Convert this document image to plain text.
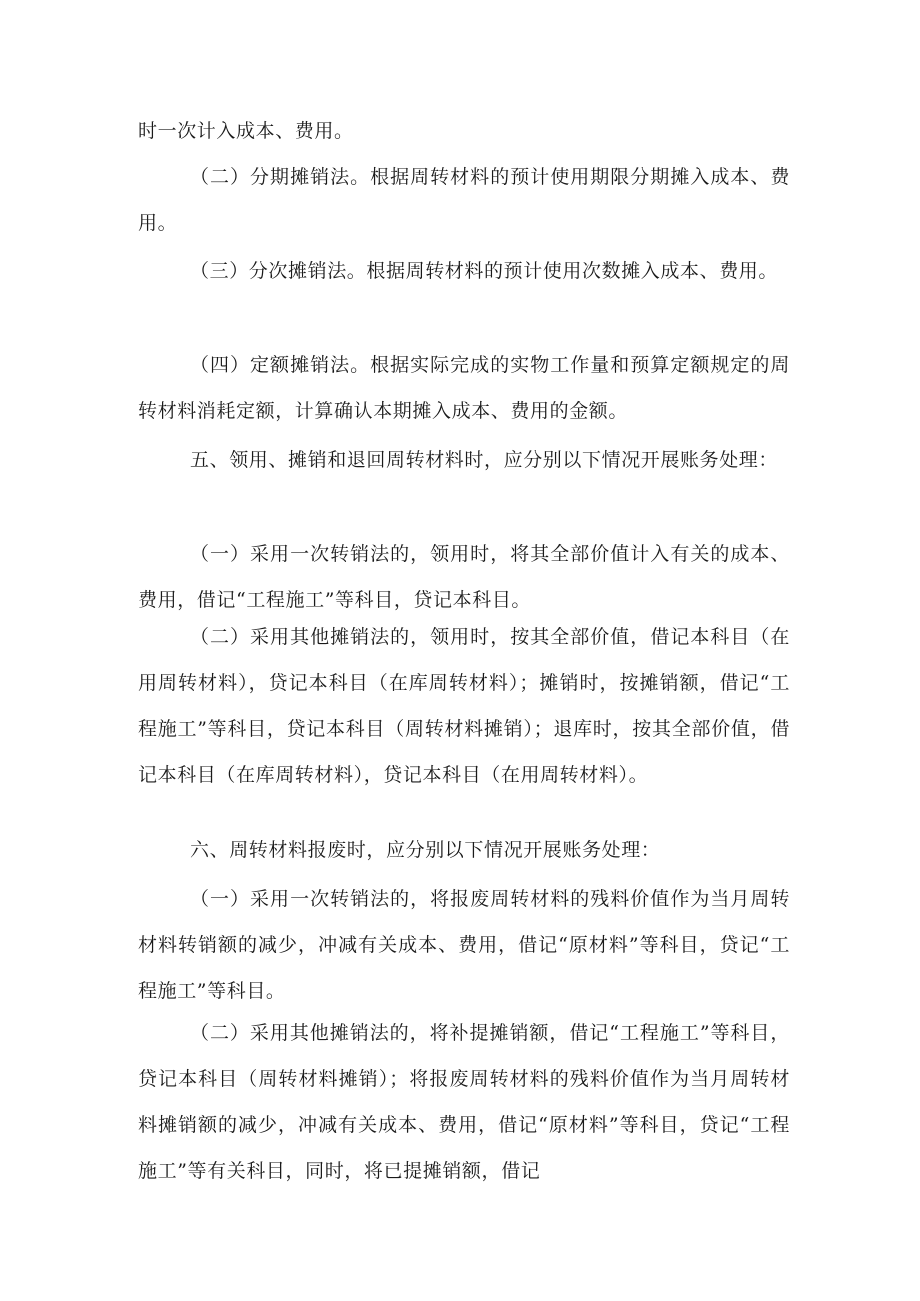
时一次计入成本、费用。

（二）分期摊销法。根据周转材料的预计使用期限分期摊入成本、费用。

（三）分次摊销法。根据周转材料的预计使用次数摊入成本、费用。

（四）定额摊销法。根据实际完成的实物工作量和预算定额规定的周转材料消耗定额，计算确认本期摊入成本、费用的金额。

五、领用、摊销和退回周转材料时，应分别以下情况开展账务处理：

（一）采用一次转销法的，领用时，将其全部价值计入有关的成本、费用，借记“工程施工”等科目，贷记本科目。

（二）采用其他摊销法的，领用时，按其全部价值，借记本科目（在用周转材料），贷记本科目（在库周转材料）；摊销时，按摊销额，借记“工程施工”等科目，贷记本科目（周转材料摊销）；退库时，按其全部价值，借记本科目（在库周转材料），贷记本科目（在用周转材料）。

六、周转材料报废时，应分别以下情况开展账务处理：

（一）采用一次转销法的，将报废周转材料的残料价值作为当月周转材料转销额的减少，冲减有关成本、费用，借记“原材料”等科目，贷记“工程施工”等科目。

（二）采用其他摊销法的，将补提摊销额，借记“工程施工”等科目，贷记本科目（周转材料摊销）；将报废周转材料的残料价值作为当月周转材料摊销额的减少，冲减有关成本、费用，借记“原材料”等科目，贷记“工程施工”等有关科目，同时，将已提摊销额，借记
